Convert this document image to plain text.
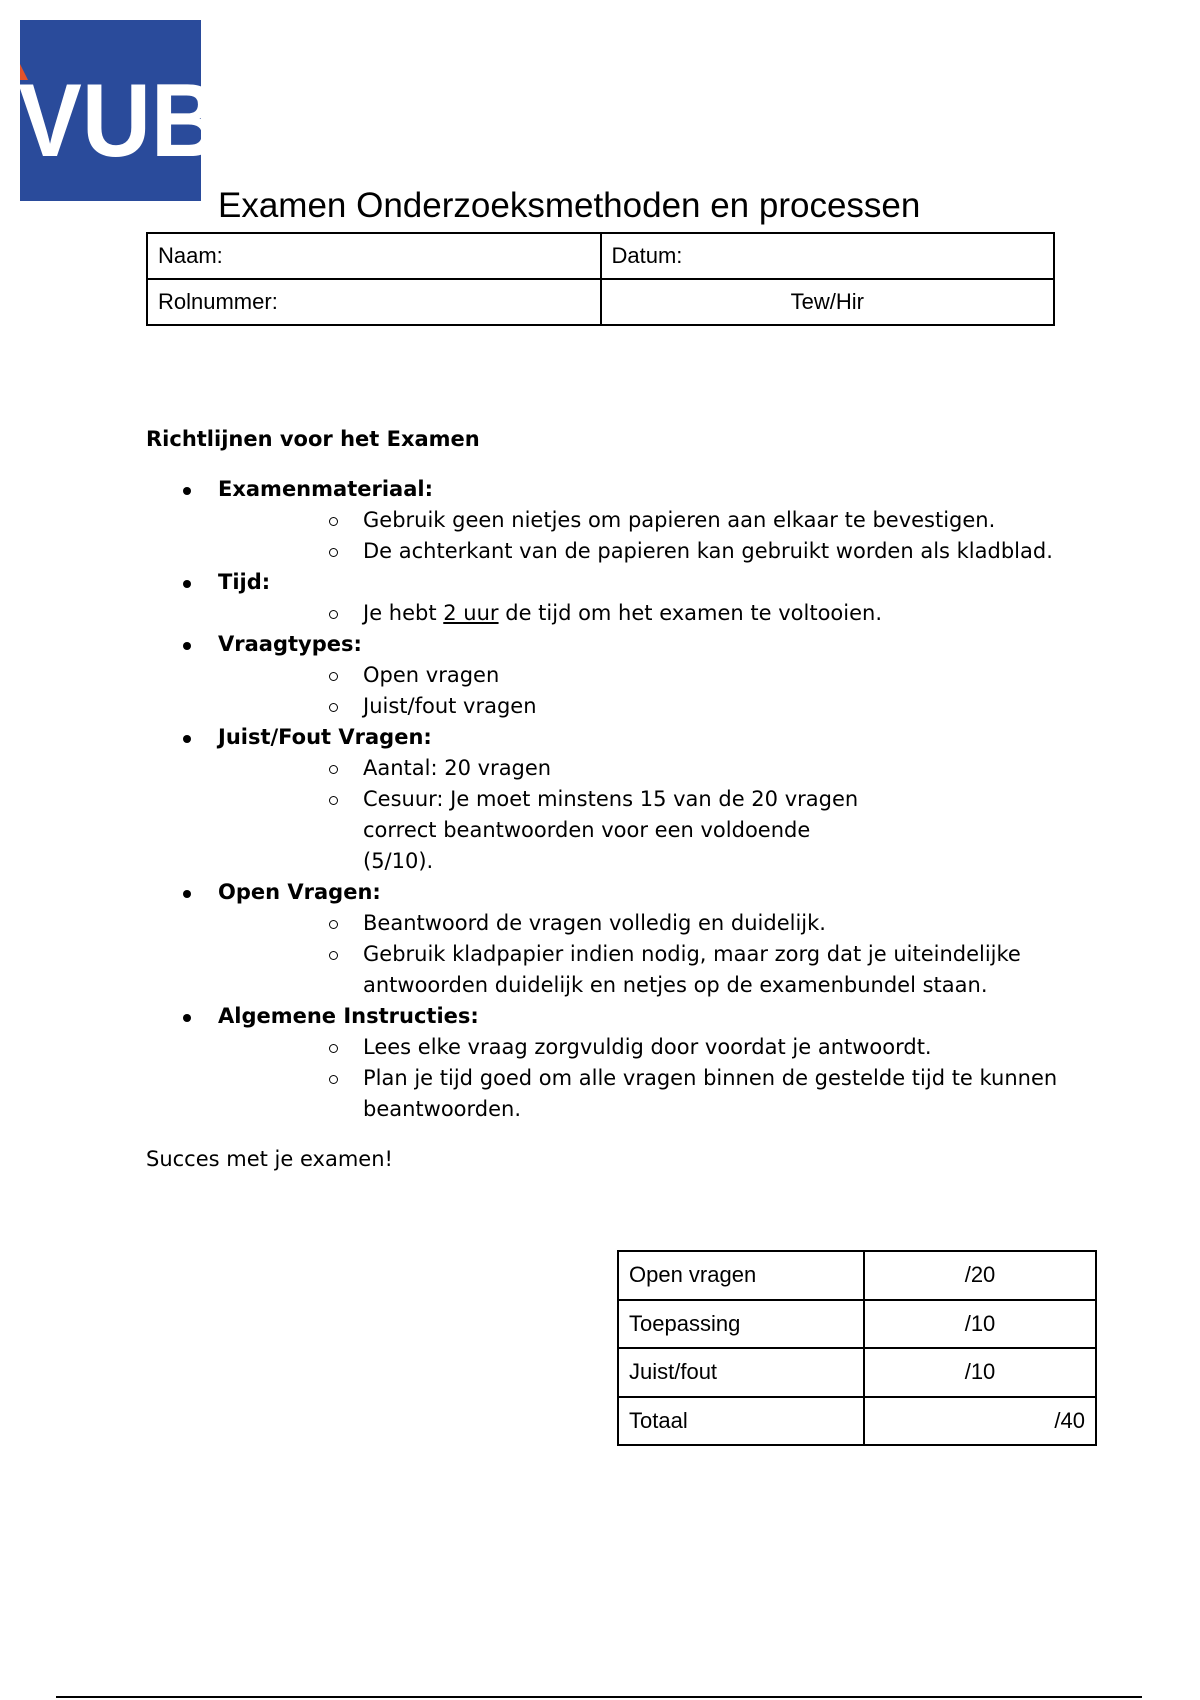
VUB
Examen Onderzoeksmethoden en processen
Naam:	Datum:
Rolnummer:	Tew/Hir
Richtlijnen voor het Examen
Examenmateriaal:
Gebruik geen nietjes om papieren aan elkaar te bevestigen.
De achterkant van de papieren kan gebruikt worden als kladblad.
Tijd:
Je hebt 2 uur de tijd om het examen te voltooien.
Vraagtypes:
Open vragen
Juist/fout vragen
Juist/Fout Vragen:
Aantal: 20 vragen
Cesuur: Je moet minstens 15 van de 20 vragen correct beantwoorden voor een voldoende (5/10).
Open Vragen:
Beantwoord de vragen volledig en duidelijk.
Gebruik kladpapier indien nodig, maar zorg dat je uiteindelijke antwoorden duidelijk en netjes op de examenbundel staan.
Algemene Instructies:
Lees elke vraag zorgvuldig door voordat je antwoordt.
Plan je tijd goed om alle vragen binnen de gestelde tijd te kunnen beantwoorden.
Succes met je examen!
Open vragen	/20
Toepassing	/10
Juist/fout	/10
Totaal	/40
